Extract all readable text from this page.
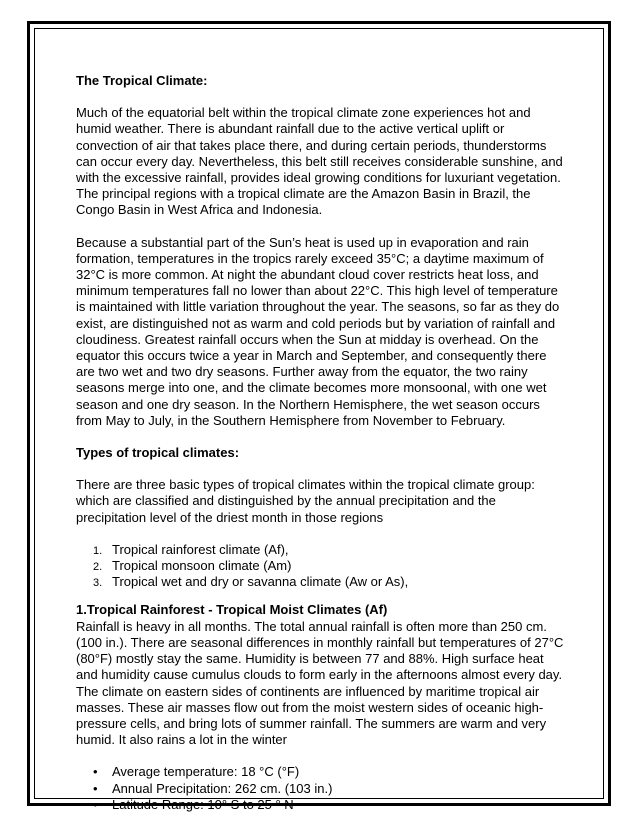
The Tropical Climate:

Much of the equatorial belt within the tropical climate zone experiences hot and humid weather. There is abundant rainfall due to the active vertical uplift or convection of air that takes place there, and during certain periods, thunderstorms can occur every day. Nevertheless, this belt still receives considerable sunshine, and with the excessive rainfall, provides ideal growing conditions for luxuriant vegetation. The principal regions with a tropical climate are the Amazon Basin in Brazil, the Congo Basin in West Africa and Indonesia.

Because a substantial part of the Sun’s heat is used up in evaporation and rain formation, temperatures in the tropics rarely exceed 35°C; a daytime maximum of 32°C is more common. At night the abundant cloud cover restricts heat loss, and minimum temperatures fall no lower than about 22°C. This high level of temperature is maintained with little variation throughout the year. The seasons, so far as they do exist, are distinguished not as warm and cold periods but by variation of rainfall and cloudiness. Greatest rainfall occurs when the Sun at midday is overhead. On the equator this occurs twice a year in March and September, and consequently there are two wet and two dry seasons. Further away from the equator, the two rainy seasons merge into one, and the climate becomes more monsoonal, with one wet season and one dry season. In the Northern Hemisphere, the wet season occurs from May to July, in the Southern Hemisphere from November to February.

Types of tropical climates:

There are three basic types of tropical climates within the tropical climate group: which are classified and distinguished by the annual precipitation and the precipitation level of the driest month in those regions

1. Tropical rainforest climate (Af),
2. Tropical monsoon climate (Am)
3. Tropical wet and dry or savanna climate (Aw or As),
1.Tropical Rainforest - Tropical Moist Climates (Af)

Rainfall is heavy in all months. The total annual rainfall is often more than 250 cm. (100 in.). There are seasonal differences in monthly rainfall but temperatures of 27°C (80°F) mostly stay the same. Humidity is between 77 and 88%. High surface heat and humidity cause cumulus clouds to form early in the afternoons almost every day. The climate on eastern sides of continents are influenced by maritime tropical air masses. These air masses flow out from the moist western sides of oceanic high-pressure cells, and bring lots of summer rainfall. The summers are warm and very humid. It also rains a lot in the winter

• Average temperature: 18 °C (°F)
• Annual Precipitation: 262 cm. (103 in.)
• Latitude Range: 10° S to 25 ° N
